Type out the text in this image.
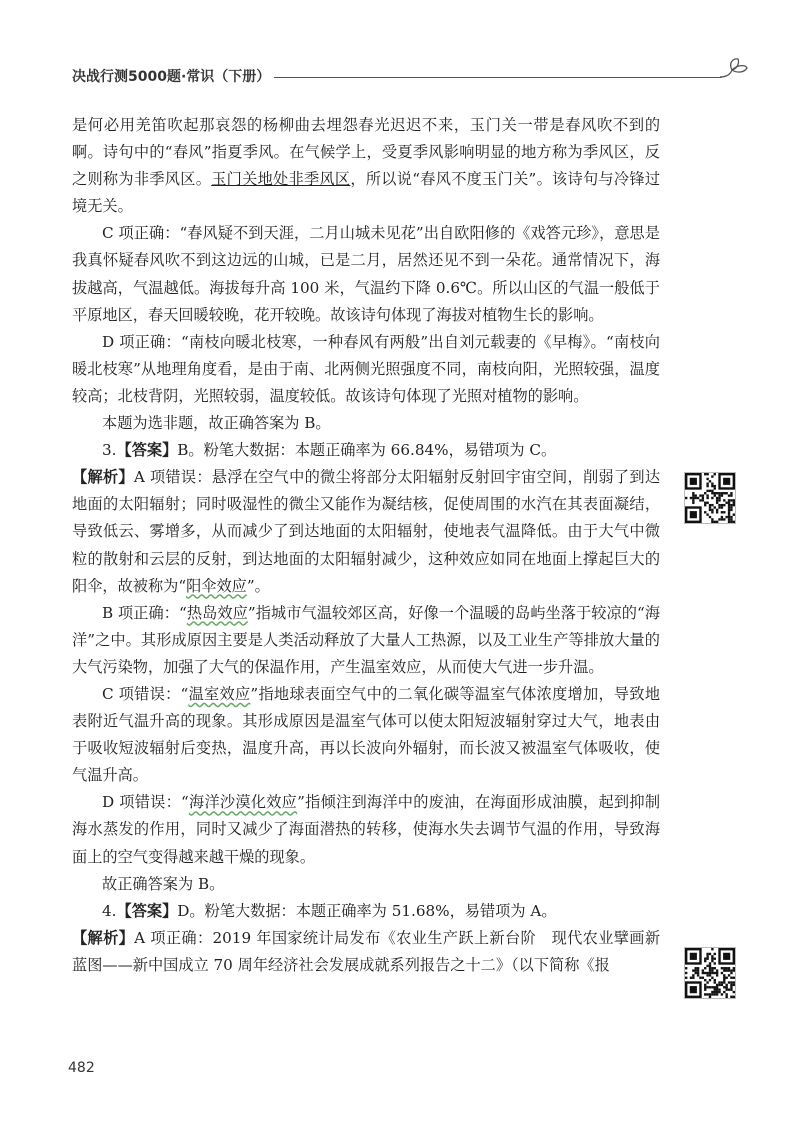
决战行测5000题·常识（下册）

是何必用羌笛吹起那哀怨的杨柳曲去埋怨春光迟迟不来，玉门关一带是春风吹不到的啊。诗句中的“春风”指夏季风。在气候学上，受夏季风影响明显的地方称为季风区，反之则称为非季风区。玉门关地处非季风区，所以说“春风不度玉门关”。该诗句与冷锋过境无关。

C 项正确：“春风疑不到天涯，二月山城未见花”出自欧阳修的《戏答元珍》，意思是我真怀疑春风吹不到这边远的山城，已是二月，居然还见不到一朵花。通常情况下，海拔越高，气温越低。海拔每升高 100 米，气温约下降 0.6℃。所以山区的气温一般低于平原地区，春天回暖较晚，花开较晚。故该诗句体现了海拔对植物生长的影响。

D 项正确：“南枝向暖北枝寒，一种春风有两般”出自刘元载妻的《早梅》。“南枝向暖北枝寒”从地理角度看，是由于南、北两侧光照强度不同，南枝向阳，光照较强，温度较高；北枝背阴，光照较弱，温度较低。故该诗句体现了光照对植物的影响。

本题为选非题，故正确答案为 B。

3.【答案】B。粉笔大数据：本题正确率为 66.84%，易错项为 C。

【解析】A 项错误：悬浮在空气中的微尘将部分太阳辐射反射回宇宙空间，削弱了到达地面的太阳辐射；同时吸湿性的微尘又能作为凝结核，促使周围的水汽在其表面凝结，导致低云、雾增多，从而减少了到达地面的太阳辐射，使地表气温降低。由于大气中微粒的散射和云层的反射，到达地面的太阳辐射减少，这种效应如同在地面上撑起巨大的阳伞，故被称为“阳伞效应”。

B 项正确：“热岛效应”指城市气温较郊区高，好像一个温暖的岛屿坐落于较凉的“海洋”之中。其形成原因主要是人类活动释放了大量人工热源，以及工业生产等排放大量的大气污染物，加强了大气的保温作用，产生温室效应，从而使大气进一步升温。

C 项错误：“温室效应”指地球表面空气中的二氧化碳等温室气体浓度增加，导致地表附近气温升高的现象。其形成原因是温室气体可以使太阳短波辐射穿过大气，地表由于吸收短波辐射后变热，温度升高，再以长波向外辐射，而长波又被温室气体吸收，使气温升高。

D 项错误：“海洋沙漠化效应”指倾注到海洋中的废油，在海面形成油膜，起到抑制海水蒸发的作用，同时又减少了海面潜热的转移，使海水失去调节气温的作用，导致海面上的空气变得越来越干燥的现象。

故正确答案为 B。

4.【答案】D。粉笔大数据：本题正确率为 51.68%，易错项为 A。

【解析】A 项正确：2019 年国家统计局发布《农业生产跃上新台阶　现代农业擘画新蓝图——新中国成立 70 周年经济社会发展成就系列报告之十二》（以下简称《报

482
